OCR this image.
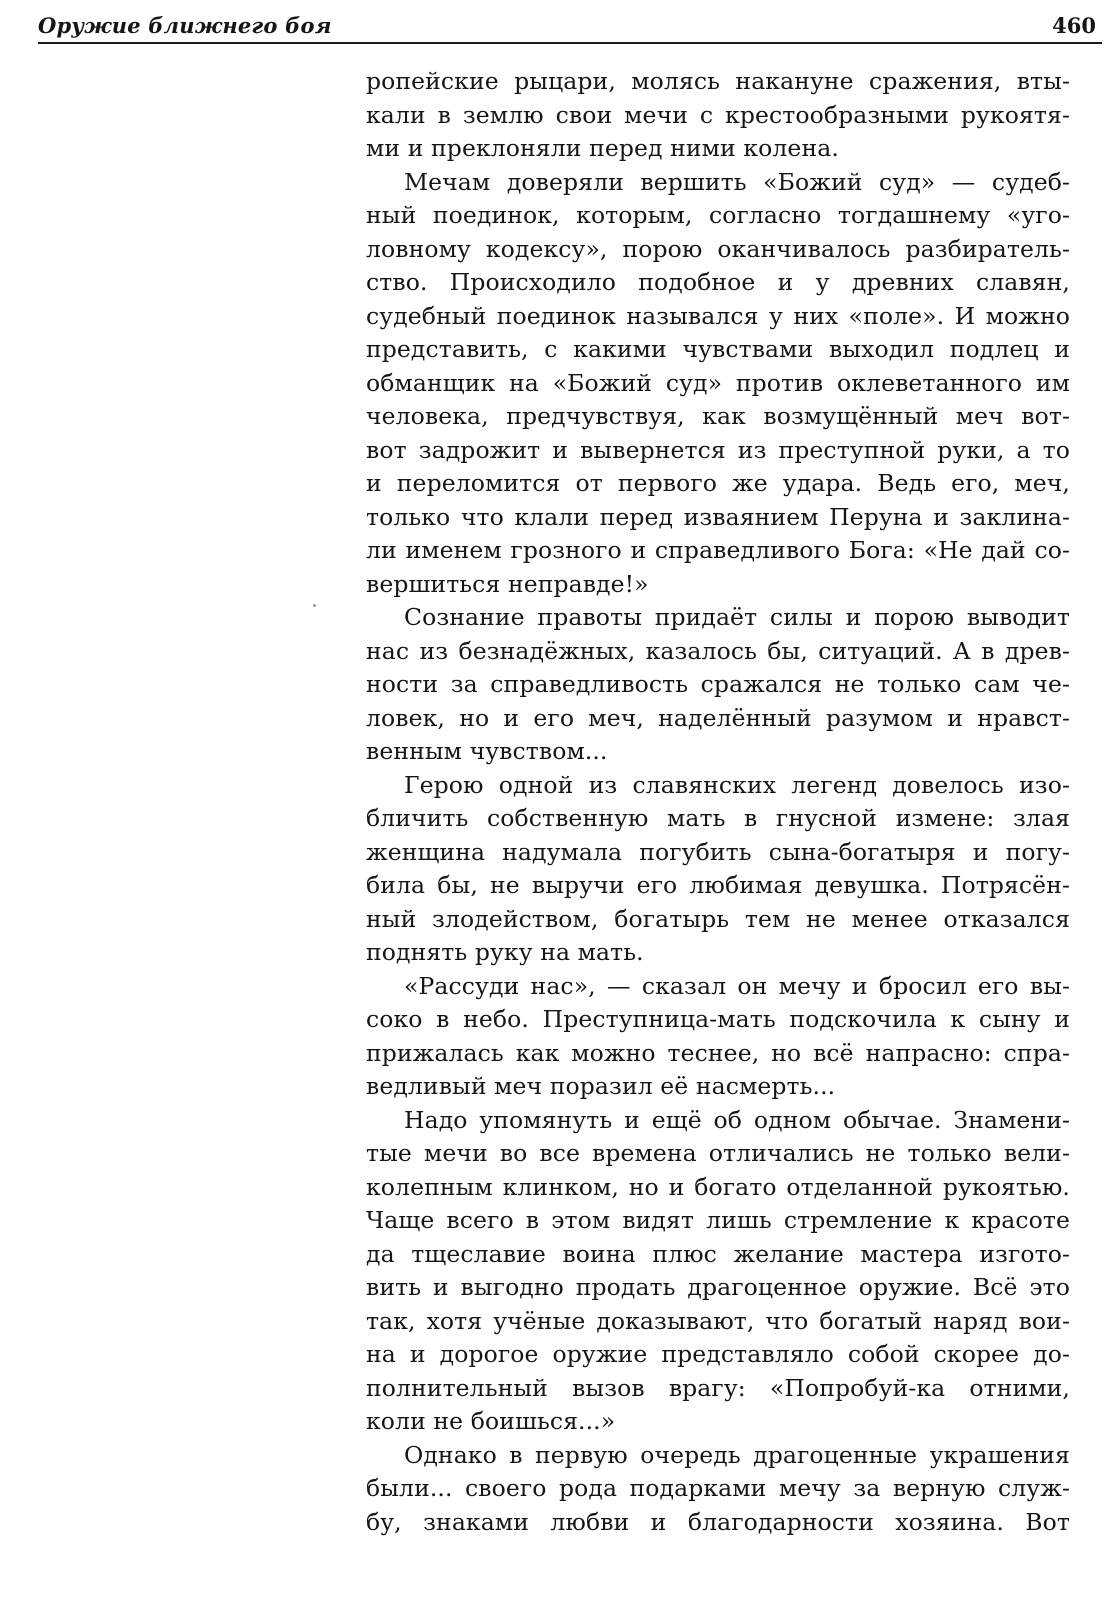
Оружие ближнего боя	460
ропейские рыцари, молясь накануне сражения, вты-
кали в землю свои мечи с крестообразными рукоятя-
ми и преклоняли перед ними колена.
Мечам доверяли вершить «Божий суд» — судеб-
ный поединок, которым, согласно тогдашнему «уго-
ловному кодексу», порою оканчивалось разбиратель-
ство. Происходило подобное и у древних славян,
судебный поединок назывался у них «поле». И можно
представить, с какими чувствами выходил подлец и
обманщик на «Божий суд» против оклеветанного им
человека, предчувствуя, как возмущённый меч вот-
вот задрожит и вывернется из преступной руки, а то
и переломится от первого же удара. Ведь его, меч,
только что клали перед изваянием Перуна и заклина-
ли именем грозного и справедливого Бога: «Не дай со-
вершиться неправде!»
Сознание правоты придаёт силы и порою выводит
нас из безнадёжных, казалось бы, ситуаций. А в древ-
ности за справедливость сражался не только сам че-
ловек, но и его меч, наделённый разумом и нравст-
венным чувством...
Герою одной из славянских легенд довелось изо-
бличить собственную мать в гнусной измене: злая
женщина надумала погубить сына-богатыря и погу-
била бы, не выручи его любимая девушка. Потрясён-
ный злодейством, богатырь тем не менее отказался
поднять руку на мать.
«Рассуди нас», — сказал он мечу и бросил его вы-
соко в небо. Преступница-мать подскочила к сыну и
прижалась как можно теснее, но всё напрасно: спра-
ведливый меч поразил её насмерть...
Надо упомянуть и ещё об одном обычае. Знамени-
тые мечи во все времена отличались не только вели-
колепным клинком, но и богато отделанной рукоятью.
Чаще всего в этом видят лишь стремление к красоте
да тщеславие воина плюс желание мастера изгото-
вить и выгодно продать драгоценное оружие. Всё это
так, хотя учёные доказывают, что богатый наряд вои-
на и дорогое оружие представляло собой скорее до-
полнительный вызов врагу: «Попробуй-ка отними,
коли не боишься...»
Однако в первую очередь драгоценные украшения
были... своего рода подарками мечу за верную служ-
бу, знаками любви и благодарности хозяина. Вот
